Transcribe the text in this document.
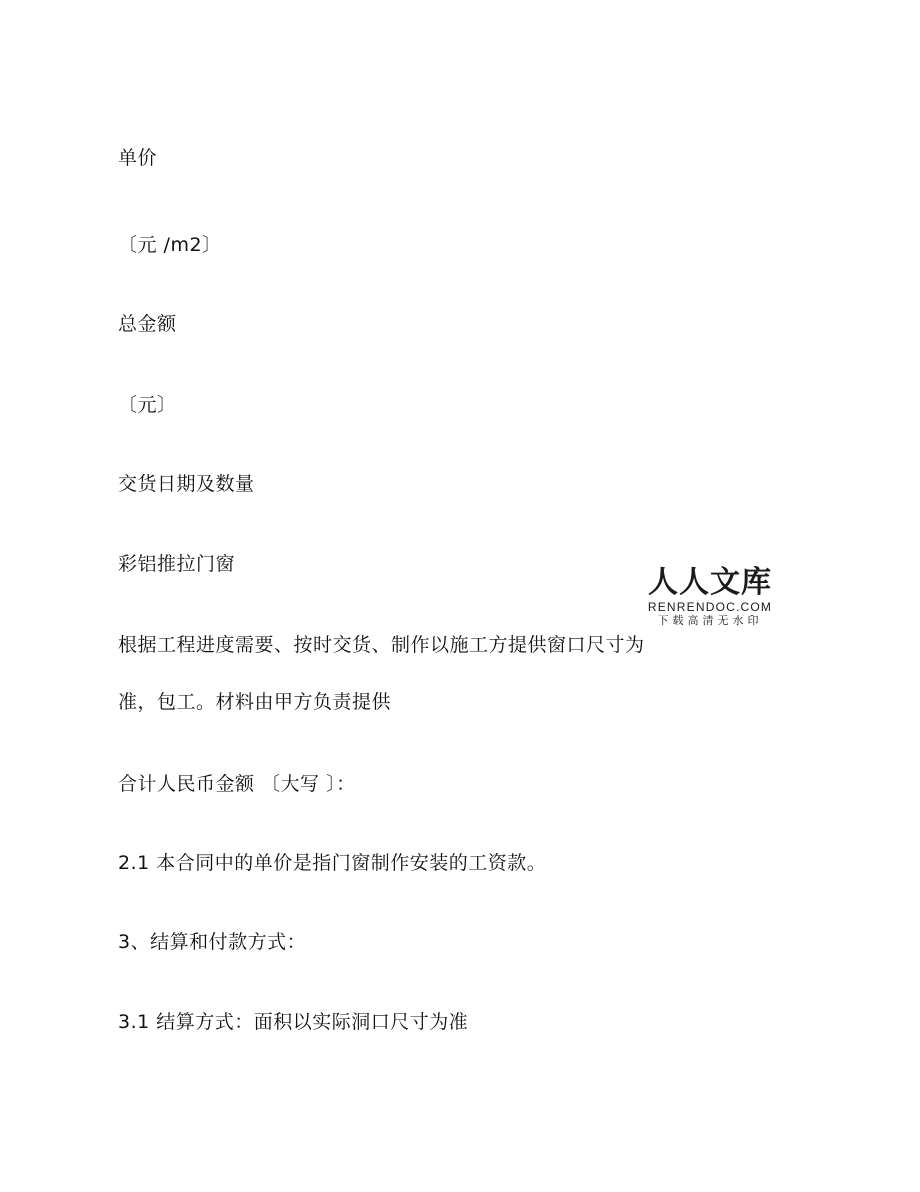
单价
〔元 /m2〕
总金额
〔元〕
交货日期及数量
彩铝推拉门窗
根据工程进度需要、按时交货、制作以施工方提供窗口尺寸为
准，包工。材料由甲方负责提供
合计人民币金额 〔大写 〕：
2.1 本合同中的单价是指门窗制作安装的工资款。
3、结算和付款方式：
3.1 结算方式：面积以实际洞口尺寸为准
人人文库
RENRENDOC.COM
下载高清无水印
